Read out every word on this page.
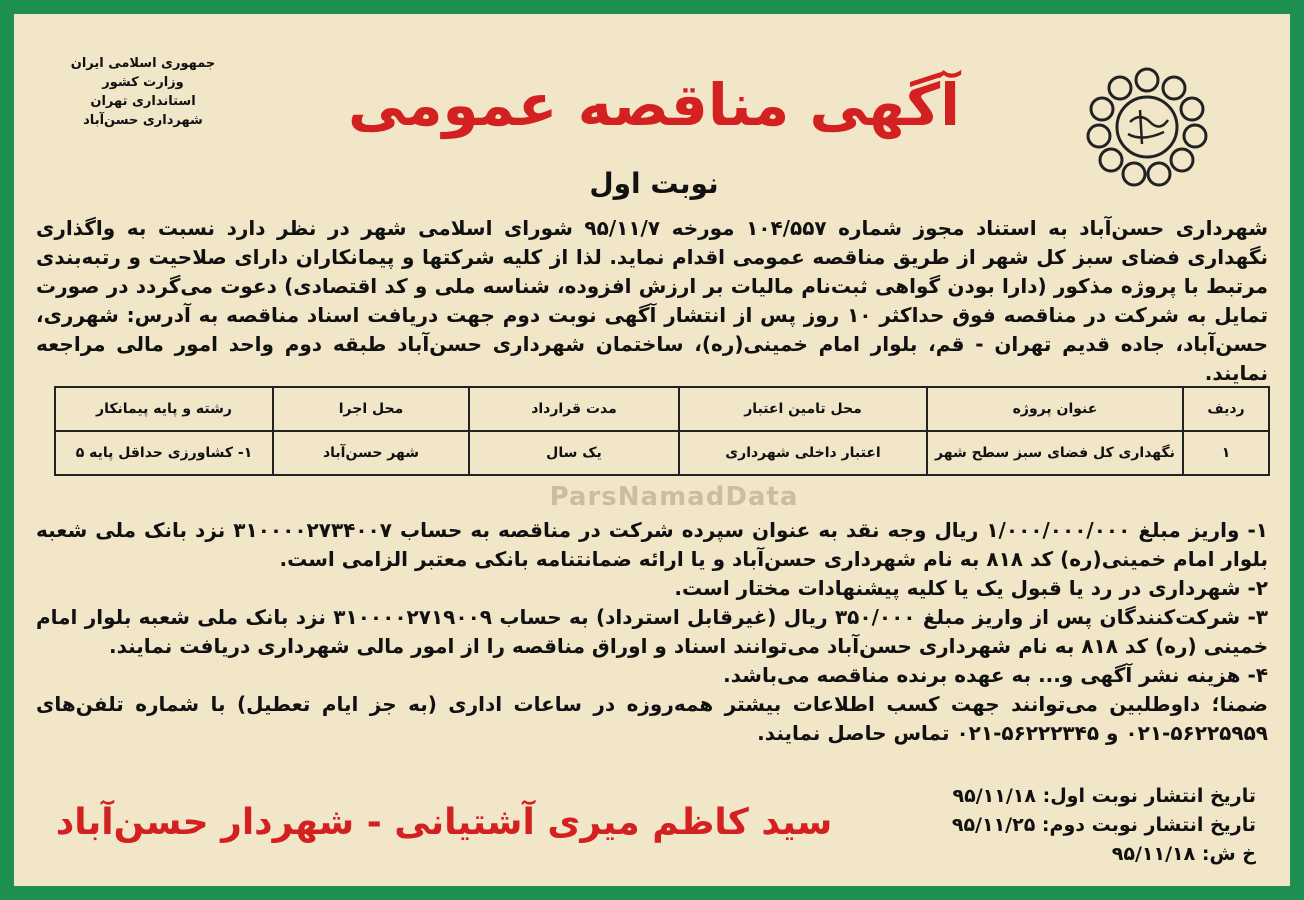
جمهوری اسلامی ایران
وزارت کشور
استانداری تهران
شهرداری حسن‌آباد	آگهی مناقصه عمومی
نوبت اول
شهرداری حسن‌آباد به استناد مجوز شماره ۱۰۴/۵۵۷ مورخه ۹۵/۱۱/۷ شورای اسلامی شهر در نظر دارد نسبت به واگذاری نگهداری فضای سبز کل شهر از طریق مناقصه عمومی اقدام نماید. لذا از کلیه شرکتها و پیمانکاران دارای صلاحیت و رتبه‌بندی مرتبط با پروژه مذکور (دارا بودن گواهی ثبت‌نام مالیات بر ارزش افزوده، شناسه ملی و کد اقتصادی) دعوت می‌گردد در صورت تمایل به شرکت در مناقصه فوق حداکثر ۱۰ روز پس از انتشار آگهی نوبت دوم جهت دریافت اسناد مناقصه به آدرس: شهرری، حسن‌آباد، جاده قدیم تهران - قم، بلوار امام خمینی(ره)، ساختمان شهرداری حسن‌آباد طبقه دوم واحد امور مالی مراجعه نمایند.
ردیف	عنوان پروژه	محل تامین اعتبار	مدت قرارداد	محل اجرا	رشته و پایه پیمانکار
۱	نگهداری کل فضای سبز سطح شهر	اعتبار داخلی شهرداری	یک سال	شهر حسن‌آباد	۱- کشاورزی حداقل پایه ۵
ParsNamadData

۱- واریز مبلغ ۱/۰۰۰/۰۰۰/۰۰۰ ریال وجه نقد به عنوان سپرده شرکت در مناقصه به حساب ۳۱۰۰۰۰۲۷۳۴۰۰۷ نزد بانک ملی شعبه بلوار امام خمینی(ره) کد ۸۱۸ به نام شهرداری حسن‌آباد و یا ارائه ضمانتنامه بانکی معتبر الزامی است.

۲- شهرداری در رد یا قبول یک یا کلیه پیشنهادات مختار است.

۳- شرکت‌کنندگان پس از واریز مبلغ ۳۵۰/۰۰۰ ریال (غیرقابل استرداد) به حساب ۳۱۰۰۰۰۲۷۱۹۰۰۹ نزد بانک ملی شعبه بلوار امام خمینی (ره) کد ۸۱۸ به نام شهرداری حسن‌آباد می‌توانند اسناد و اوراق مناقصه را از امور مالی شهرداری دریافت نمایند.

۴- هزینه نشر آگهی و... به عهده برنده مناقصه می‌باشد.

ضمنا؛ داوطلبین می‌توانند جهت کسب اطلاعات بیشتر همه‌روزه در ساعات اداری (به جز ایام تعطیل) با شماره تلفن‌های ۵۶۲۲۵۹۵۹-۰۲۱ و ۵۶۲۲۲۳۴۵-۰۲۱ تماس حاصل نمایند.

تاریخ انتشار نوبت اول: ۹۵/۱۱/۱۸
تاریخ انتشار نوبت دوم: ۹۵/۱۱/۲۵
خ ش: ۹۵/۱۱/۱۸
سید کاظم میری آشتیانی - شهردار حسن‌آباد
